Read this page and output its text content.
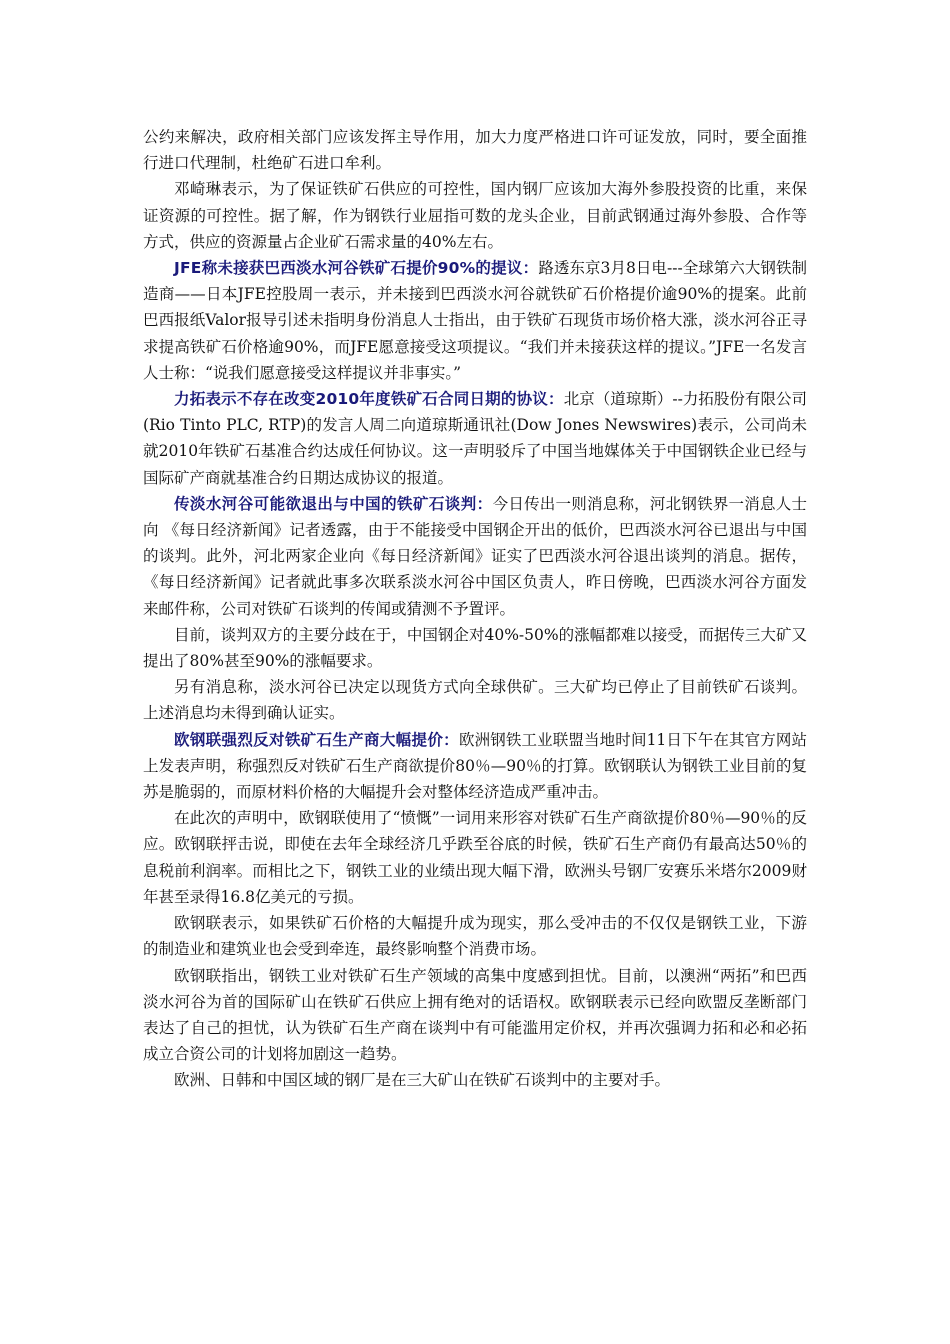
公约来解决，政府相关部门应该发挥主导作用，加大力度严格进口许可证发放，同时，要全面推行进口代理制，杜绝矿石进口牟利。

邓崎琳表示，为了保证铁矿石供应的可控性，国内钢厂应该加大海外参股投资的比重，来保证资源的可控性。据了解，作为钢铁行业屈指可数的龙头企业，目前武钢通过海外参股、合作等方式，供应的资源量占企业矿石需求量的40%左右。

JFE称未接获巴西淡水河谷铁矿石提价90%的提议：路透东京3月8日电---全球第六大钢铁制造商——日本JFE控股周一表示，并未接到巴西淡水河谷就铁矿石价格提价逾90%的提案。此前巴西报纸Valor报导引述未指明身份消息人士指出，由于铁矿石现货市场价格大涨，淡水河谷正寻求提高铁矿石价格逾90%，而JFE愿意接受这项提议。“我们并未接获这样的提议。”JFE一名发言人士称：“说我们愿意接受这样提议并非事实。”

力拓表示不存在改变2010年度铁矿石合同日期的协议：北京（道琼斯）--力拓股份有限公司(Rio Tinto PLC, RTP)的发言人周二向道琼斯通讯社(Dow Jones Newswires)表示，公司尚未就2010年铁矿石基准合约达成任何协议。这一声明驳斥了中国当地媒体关于中国钢铁企业已经与国际矿产商就基准合约日期达成协议的报道。

传淡水河谷可能欲退出与中国的铁矿石谈判：今日传出一则消息称，河北钢铁界一消息人士向 《每日经济新闻》记者透露，由于不能接受中国钢企开出的低价，巴西淡水河谷已退出与中国的谈判。此外，河北两家企业向《每日经济新闻》证实了巴西淡水河谷退出谈判的消息。据传，《每日经济新闻》记者就此事多次联系淡水河谷中国区负责人，昨日傍晚，巴西淡水河谷方面发来邮件称，公司对铁矿石谈判的传闻或猜测不予置评。

目前，谈判双方的主要分歧在于，中国钢企对40%-50%的涨幅都难以接受，而据传三大矿又提出了80%甚至90%的涨幅要求。

另有消息称，淡水河谷已决定以现货方式向全球供矿。三大矿均已停止了目前铁矿石谈判。上述消息均未得到确认证实。

欧钢联强烈反对铁矿石生产商大幅提价：欧洲钢铁工业联盟当地时间11日下午在其官方网站上发表声明，称强烈反对铁矿石生产商欲提价80％—90％的打算。欧钢联认为钢铁工业目前的复苏是脆弱的，而原材料价格的大幅提升会对整体经济造成严重冲击。

在此次的声明中，欧钢联使用了“愤慨”一词用来形容对铁矿石生产商欲提价80％—90％的反应。欧钢联抨击说，即使在去年全球经济几乎跌至谷底的时候，铁矿石生产商仍有最高达50％的息税前利润率。而相比之下，钢铁工业的业绩出现大幅下滑，欧洲头号钢厂安赛乐米塔尔2009财年甚至录得16.8亿美元的亏损。

欧钢联表示，如果铁矿石价格的大幅提升成为现实，那么受冲击的不仅仅是钢铁工业，下游的制造业和建筑业也会受到牵连，最终影响整个消费市场。

欧钢联指出，钢铁工业对铁矿石生产领域的高集中度感到担忧。目前，以澳洲“两拓”和巴西淡水河谷为首的国际矿山在铁矿石供应上拥有绝对的话语权。欧钢联表示已经向欧盟反垄断部门表达了自己的担忧，认为铁矿石生产商在谈判中有可能滥用定价权，并再次强调力拓和必和必拓成立合资公司的计划将加剧这一趋势。

欧洲、日韩和中国区域的钢厂是在三大矿山在铁矿石谈判中的主要对手。
